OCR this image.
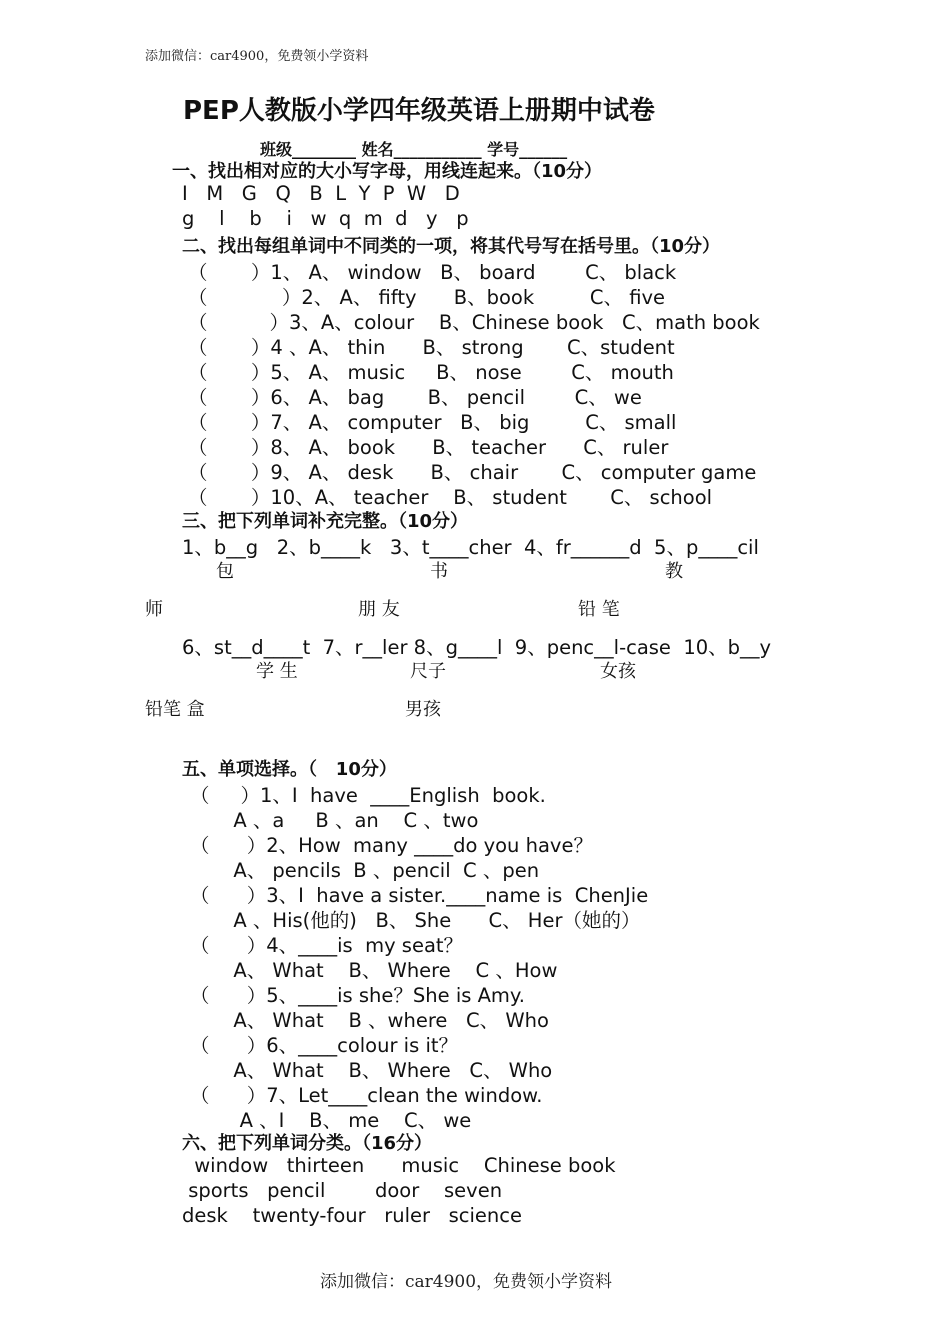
添加微信：car4900，免费领小学资料
PEP人教版小学四年级英语上册期中试卷
班级________ 姓名___________ 学号______
一、找出相对应的大小写字母，用线连起来。（10分）
I   M   G   Q   B  L  Y  P  W   D
g    l    b    i   w  q  m  d   y   p
二、找出每组单词中不同类的一项，将其代号写在括号里。（10分）
（       ）1、 A、 window   B、 board        C、 black
（            ）2、 A、 fifty      B、book         C、 five
（          ）3、A、colour    B、Chinese book   C、math book
（       ）4 、A、 thin      B、 strong       C、student
（       ）5、 A、 music     B、 nose        C、 mouth
（       ）6、 A、 bag       B、 pencil        C、 we
（       ）7、 A、 computer   B、 big         C、 small
（       ）8、 A、 book      B、 teacher      C、 ruler
（       ）9、 A、 desk      B、 chair       C、 computer game
（       ）10、A、 teacher    B、 student       C、 school
三、把下列单词补充完整。（10分）
1、b__g   2、b____k   3、t____cher  4、fr______d  5、p____cil
包	书	教
师	朋 友	铅 笔
6、st__d____t  7、r__ler 8、g____l  9、penc__l-case  10、b__y
学 生	尺子	女孩
铅笔 盒	男孩
五、单项选择。（   10分）
（     ）1、I  have  ____English  book.
A 、a     B 、an    C 、two
（      ）2、How  many ____do you have？
A、 pencils  B 、pencil  C 、pen
（      ）3、I  have a sister.____name is  ChenJie
A 、His(他的)   B、 She      C、 Her（她的）
（      ）4、____is  my seat？
A、 What    B、 Where    C 、How
（      ）5、____is she？She is Amy.
A、 What    B 、where   C、 Who
（      ）6、____colour is it？
A、 What    B、 Where   C、 Who
（      ）7、Let____clean the window.
A 、I    B、 me    C、 we
六、把下列单词分类。（16分）
window   thirteen      music    Chinese book
sports   pencil        door    seven
desk    twenty-four   ruler   science
添加微信：car4900，免费领小学资料
